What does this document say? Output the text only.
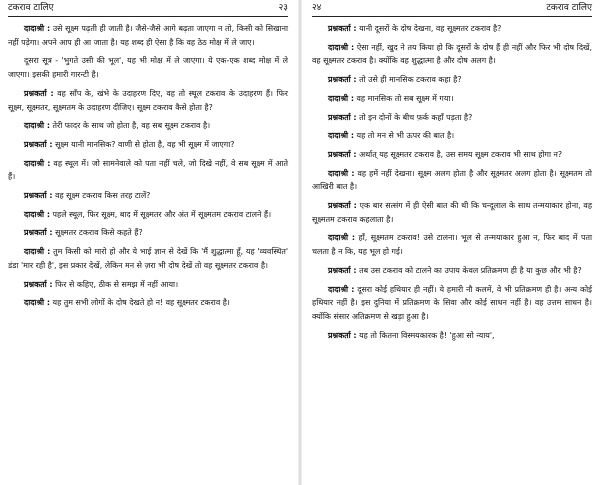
टकराव टालिए	२३

दादाश्री : उसे सूक्ष्म पढ़ती ही जाती है। जैसे-जैसे आगे बढ़ता जाएगा न तो, किसी को सिखाना नहीं पड़ेगा। अपने आप ही आ जाता है। यह शब्द ही ऐसा है कि वह ठेठ मोक्ष में ले जाए।

दूसरा सूत्र - 'भुगते उसी की भूल', यह भी मोक्ष में ले जाएगा। ये एक-एक शब्द मोक्ष में ले जाएगा। इसकी हमारी गारन्टी है।

प्रश्नकर्ता : वह साँप के, खंभे के उदाहरण दिए, वह तो स्थूल टकराव के उदाहरण हैं। फिर सूक्ष्म, सूक्ष्मतर, सूक्ष्मतम के उदाहरण दीजिए। सूक्ष्म टकराव कैसे होता है?

दादाश्री : तेरी फादर के साथ जो होता है, वह सब सूक्ष्म टकराव है।

प्रश्नकर्ता : सूक्ष्म यानी मानसिक? वाणी से होता है, वह भी सूक्ष्म में जाएगा?

दादाश्री : वह स्थूल में। जो सामनेवाले को पता नहीं चले, जो दिखे नहीं, वे सब सूक्ष्म में आते हैं।

प्रश्नकर्ता : वह सूक्ष्म टकराव किस तरह टालें?

दादाश्री : पहले स्थूल, फिर सूक्ष्म, बाद में सूक्ष्मतर और अंत में सूक्ष्मतम टकराव टालने हैं।

प्रश्नकर्ता : सूक्ष्मतर टकराव किसे कहते हैं?

दादाश्री : तुम किसी को मारो हो और ये भाई ज्ञान से देखें कि 'मैं शुद्धात्मा हूँ, यह 'व्यवस्थित' डंडा 'मार रही है', इस प्रकार देखें, लेकिन मन से ज़रा भी दोष देखें तो वह सूक्ष्मतर टकराव है।

प्रश्नकर्ता : फिर से कहिए, ठीक से समझ में नहीं आया।

दादाश्री : यह तुम सभी लोगों के दोष देखते हो न! वह सूक्ष्मतर टकराव है।

२४	टकराव टालिए

प्रश्नकर्ता : यानी दूसरों के दोष देखना, वह सूक्ष्मतर टकराव है?

दादाश्री : ऐसा नहीं, खुद ने तय किया हो कि दूसरों के दोष हैं ही नहीं और फिर भी दोष दिखें, वह सूक्ष्मतर टकराव है। क्योंकि वह शुद्धात्मा है और दोष अलग है।

प्रश्नकर्ता : तो उसे ही मानसिक टकराव कहा है?

दादाश्री : वह मानसिक तो सब सूक्ष्म में गया।

प्रश्नकर्ता : तो इन दोनों के बीच फ़र्क कहाँ पड़ता है?

दादाश्री : यह तो मन से भी ऊपर की बात है।

प्रश्नकर्ता : अर्थात् यह सूक्ष्मतर टकराव है, उस समय सूक्ष्म टकराव भी साथ होगा न?

दादाश्री : वह हमें नहीं देखना। सूक्ष्म अलग होता है और सूक्ष्मतर अलग होता है। सूक्ष्मतम तो आखिरी बात है।

प्रश्नकर्ता : एक बार सत्संग में ही ऐसी बात की थी कि चन्दूलाल के साथ तन्मयाकार होना, वह सूक्ष्मतम टकराव कहलाता है।

दादाश्री : हाँ, सूक्ष्मतम टकराव! उसे टालना। भूल से तन्मयाकार हुआ न, फिर बाद में पता चलता है न कि, यह भूल हो गई।

प्रश्नकर्ता : तब उस टकराव को टालने का उपाय केवल प्रतिक्रमण ही है या कुछ और भी है?

दादाश्री : दूसरा कोई हथियार ही नहीं। ये हमारी नौ कलमें, वे भी प्रतिक्रमण ही है। अन्य कोई हथियार नहीं है। इस दुनिया में प्रतिक्रमण के सिवा और कोई साधन नहीं है। वह उत्तम साधन है। क्योंकि संसार अतिक्रमण से खड़ा हुआ है।

प्रश्नकर्ता : यह तो कितना विस्मयकारक है! 'हुआ सो न्याय',
